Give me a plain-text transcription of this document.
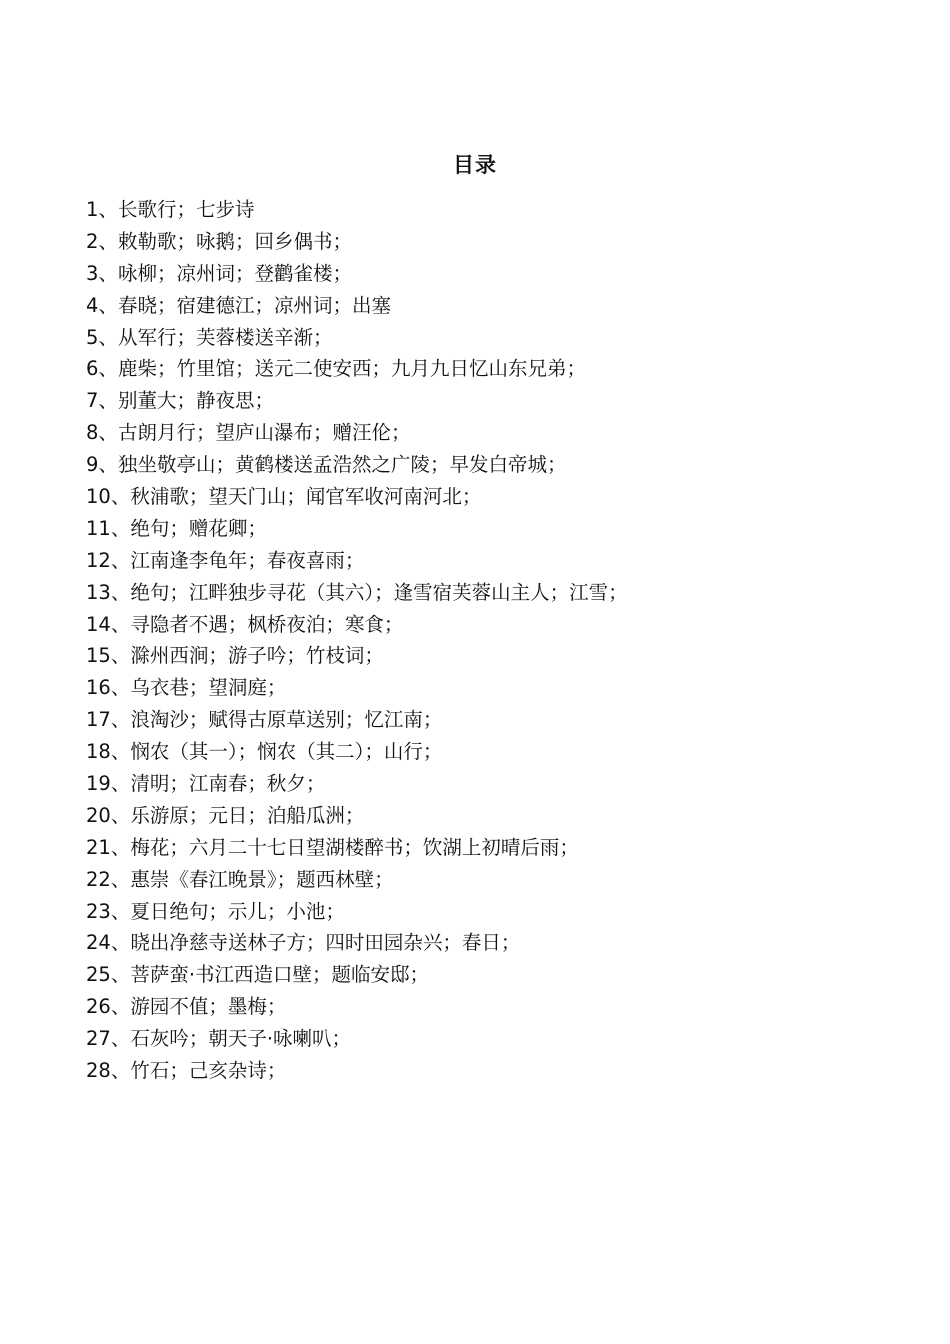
目录
1、长歌行；七步诗
2、敕勒歌；咏鹅；回乡偶书；
3、咏柳；凉州词；登鹳雀楼；
4、春晓；宿建德江；凉州词；出塞
5、从军行；芙蓉楼送辛渐；
6、鹿柴；竹里馆；送元二使安西；九月九日忆山东兄弟；
7、别董大；静夜思；
8、古朗月行；望庐山瀑布；赠汪伦；
9、独坐敬亭山；黄鹤楼送孟浩然之广陵；早发白帝城；
10、秋浦歌；望天门山；闻官军收河南河北；
11、绝句；赠花卿；
12、江南逢李龟年；春夜喜雨；
13、绝句；江畔独步寻花（其六）；逢雪宿芙蓉山主人；江雪；
14、寻隐者不遇；枫桥夜泊；寒食；
15、滁州西涧；游子吟；竹枝词；
16、乌衣巷；望洞庭；
17、浪淘沙；赋得古原草送别；忆江南；
18、悯农（其一）；悯农（其二）；山行；
19、清明；江南春；秋夕；
20、乐游原；元日；泊船瓜洲；
21、梅花；六月二十七日望湖楼醉书；饮湖上初晴后雨；
22、惠崇《春江晚景》；题西林壁；
23、夏日绝句；示儿；小池；
24、晓出净慈寺送林子方；四时田园杂兴；春日；
25、菩萨蛮·书江西造口壁；题临安邸；
26、游园不值；墨梅；
27、石灰吟；朝天子·咏喇叭；
28、竹石；己亥杂诗；
